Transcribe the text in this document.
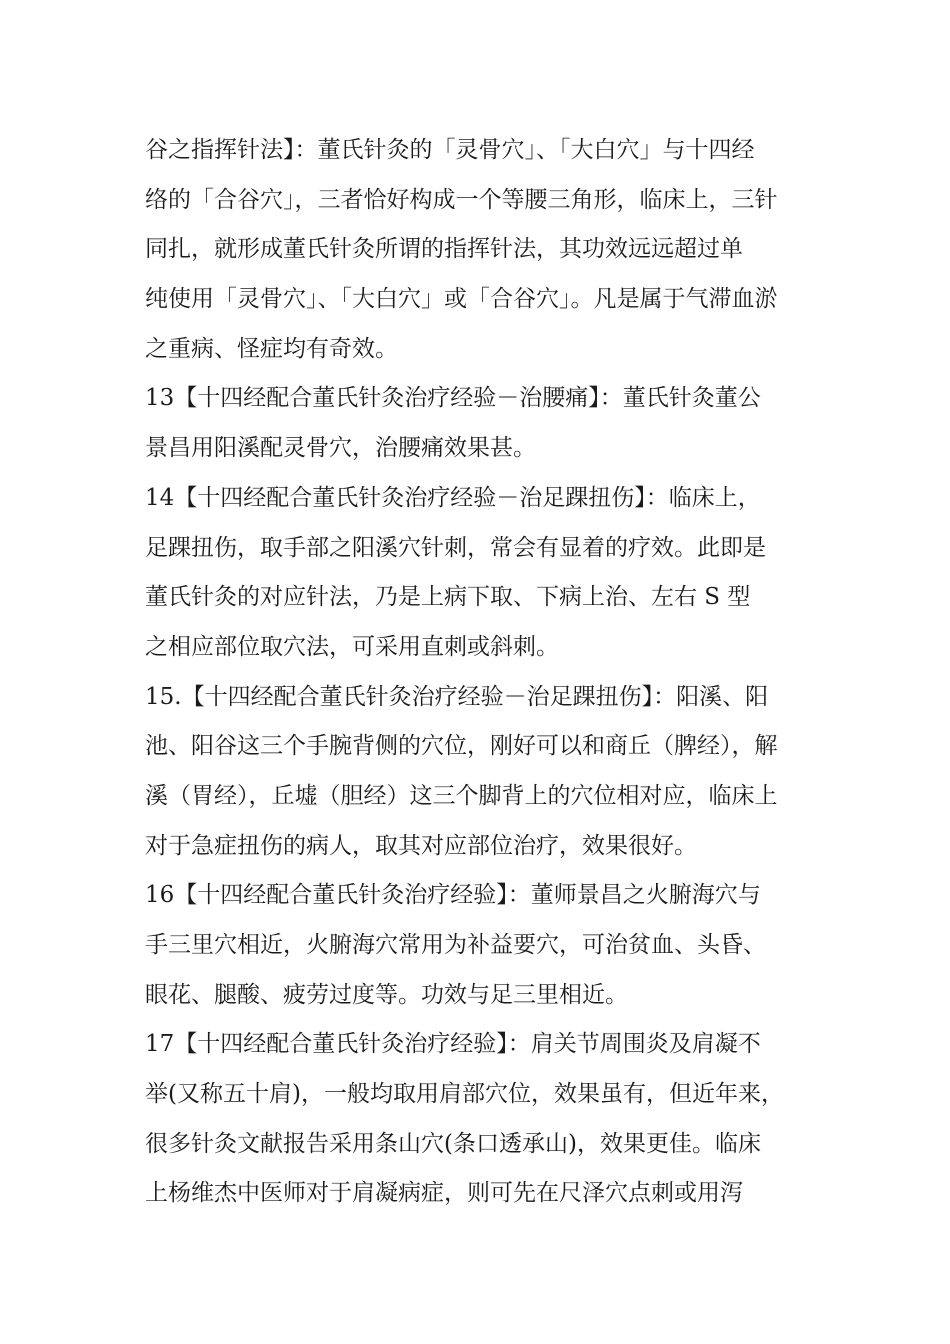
谷之指挥针法】：董氏针灸的「灵骨穴」、「大白穴」与十四经
络的「合谷穴」，三者恰好构成一个等腰三角形，临床上，三针
同扎，就形成董氏针灸所谓的指挥针法，其功效远远超过单
纯使用「灵骨穴」、「大白穴」或「合谷穴」。凡是属于气滞血淤
之重病、怪症均有奇效。
13【十四经配合董氏针灸治疗经验－治腰痛】：董氏针灸董公
景昌用阳溪配灵骨穴，治腰痛效果甚。
14【十四经配合董氏针灸治疗经验－治足踝扭伤】：临床上，
足踝扭伤，取手部之阳溪穴针刺，常会有显着的疗效。此即是
董氏针灸的对应针法，乃是上病下取、下病上治、左右 S 型
之相应部位取穴法，可采用直刺或斜刺。
15.【十四经配合董氏针灸治疗经验－治足踝扭伤】：阳溪、阳
池、阳谷这三个手腕背侧的穴位，刚好可以和商丘（脾经），解
溪（胃经），丘墟（胆经）这三个脚背上的穴位相对应，临床上
对于急症扭伤的病人，取其对应部位治疗，效果很好。
16【十四经配合董氏针灸治疗经验】：董师景昌之火腑海穴与
手三里穴相近，火腑海穴常用为补益要穴，可治贫血、头昏、
眼花、腿酸、疲劳过度等。功效与足三里相近。
17【十四经配合董氏针灸治疗经验】：肩关节周围炎及肩凝不
举(又称五十肩)，一般均取用肩部穴位，效果虽有，但近年来，
很多针灸文献报告采用条山穴(条口透承山)，效果更佳。临床
上杨维杰中医师对于肩凝病症，则可先在尺泽穴点刺或用泻
